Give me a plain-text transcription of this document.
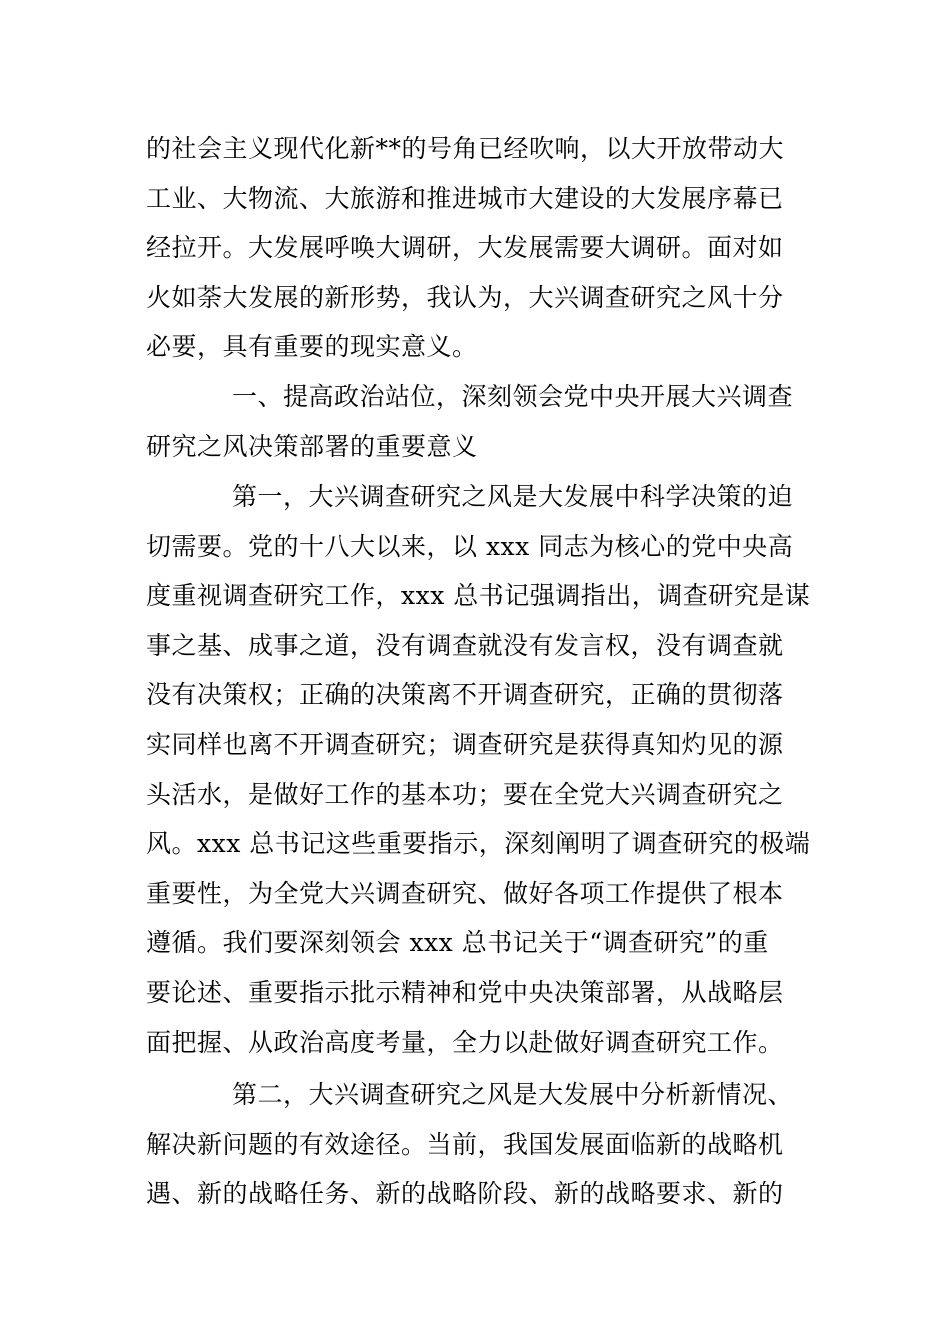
的社会主义现代化新**的号角已经吹响，以大开放带动大
工业、大物流、大旅游和推进城市大建设的大发展序幕已
经拉开。大发展呼唤大调研，大发展需要大调研。面对如
火如荼大发展的新形势，我认为，大兴调查研究之风十分
必要，具有重要的现实意义。
一、提高政治站位，深刻领会党中央开展大兴调查
研究之风决策部署的重要意义
第一，大兴调查研究之风是大发展中科学决策的迫
切需要。党的十八大以来，以 xxx 同志为核心的党中央高
度重视调查研究工作，xxx 总书记强调指出，调查研究是谋
事之基、成事之道，没有调查就没有发言权，没有调查就
没有决策权；正确的决策离不开调查研究，正确的贯彻落
实同样也离不开调查研究；调查研究是获得真知灼见的源
头活水，是做好工作的基本功；要在全党大兴调查研究之
风。xxx 总书记这些重要指示，深刻阐明了调查研究的极端
重要性，为全党大兴调查研究、做好各项工作提供了根本
遵循。我们要深刻领会 xxx 总书记关于“调查研究”的重
要论述、重要指示批示精神和党中央决策部署，从战略层
面把握、从政治高度考量，全力以赴做好调查研究工作。
第二，大兴调查研究之风是大发展中分析新情况、
解决新问题的有效途径。当前，我国发展面临新的战略机
遇、新的战略任务、新的战略阶段、新的战略要求、新的
